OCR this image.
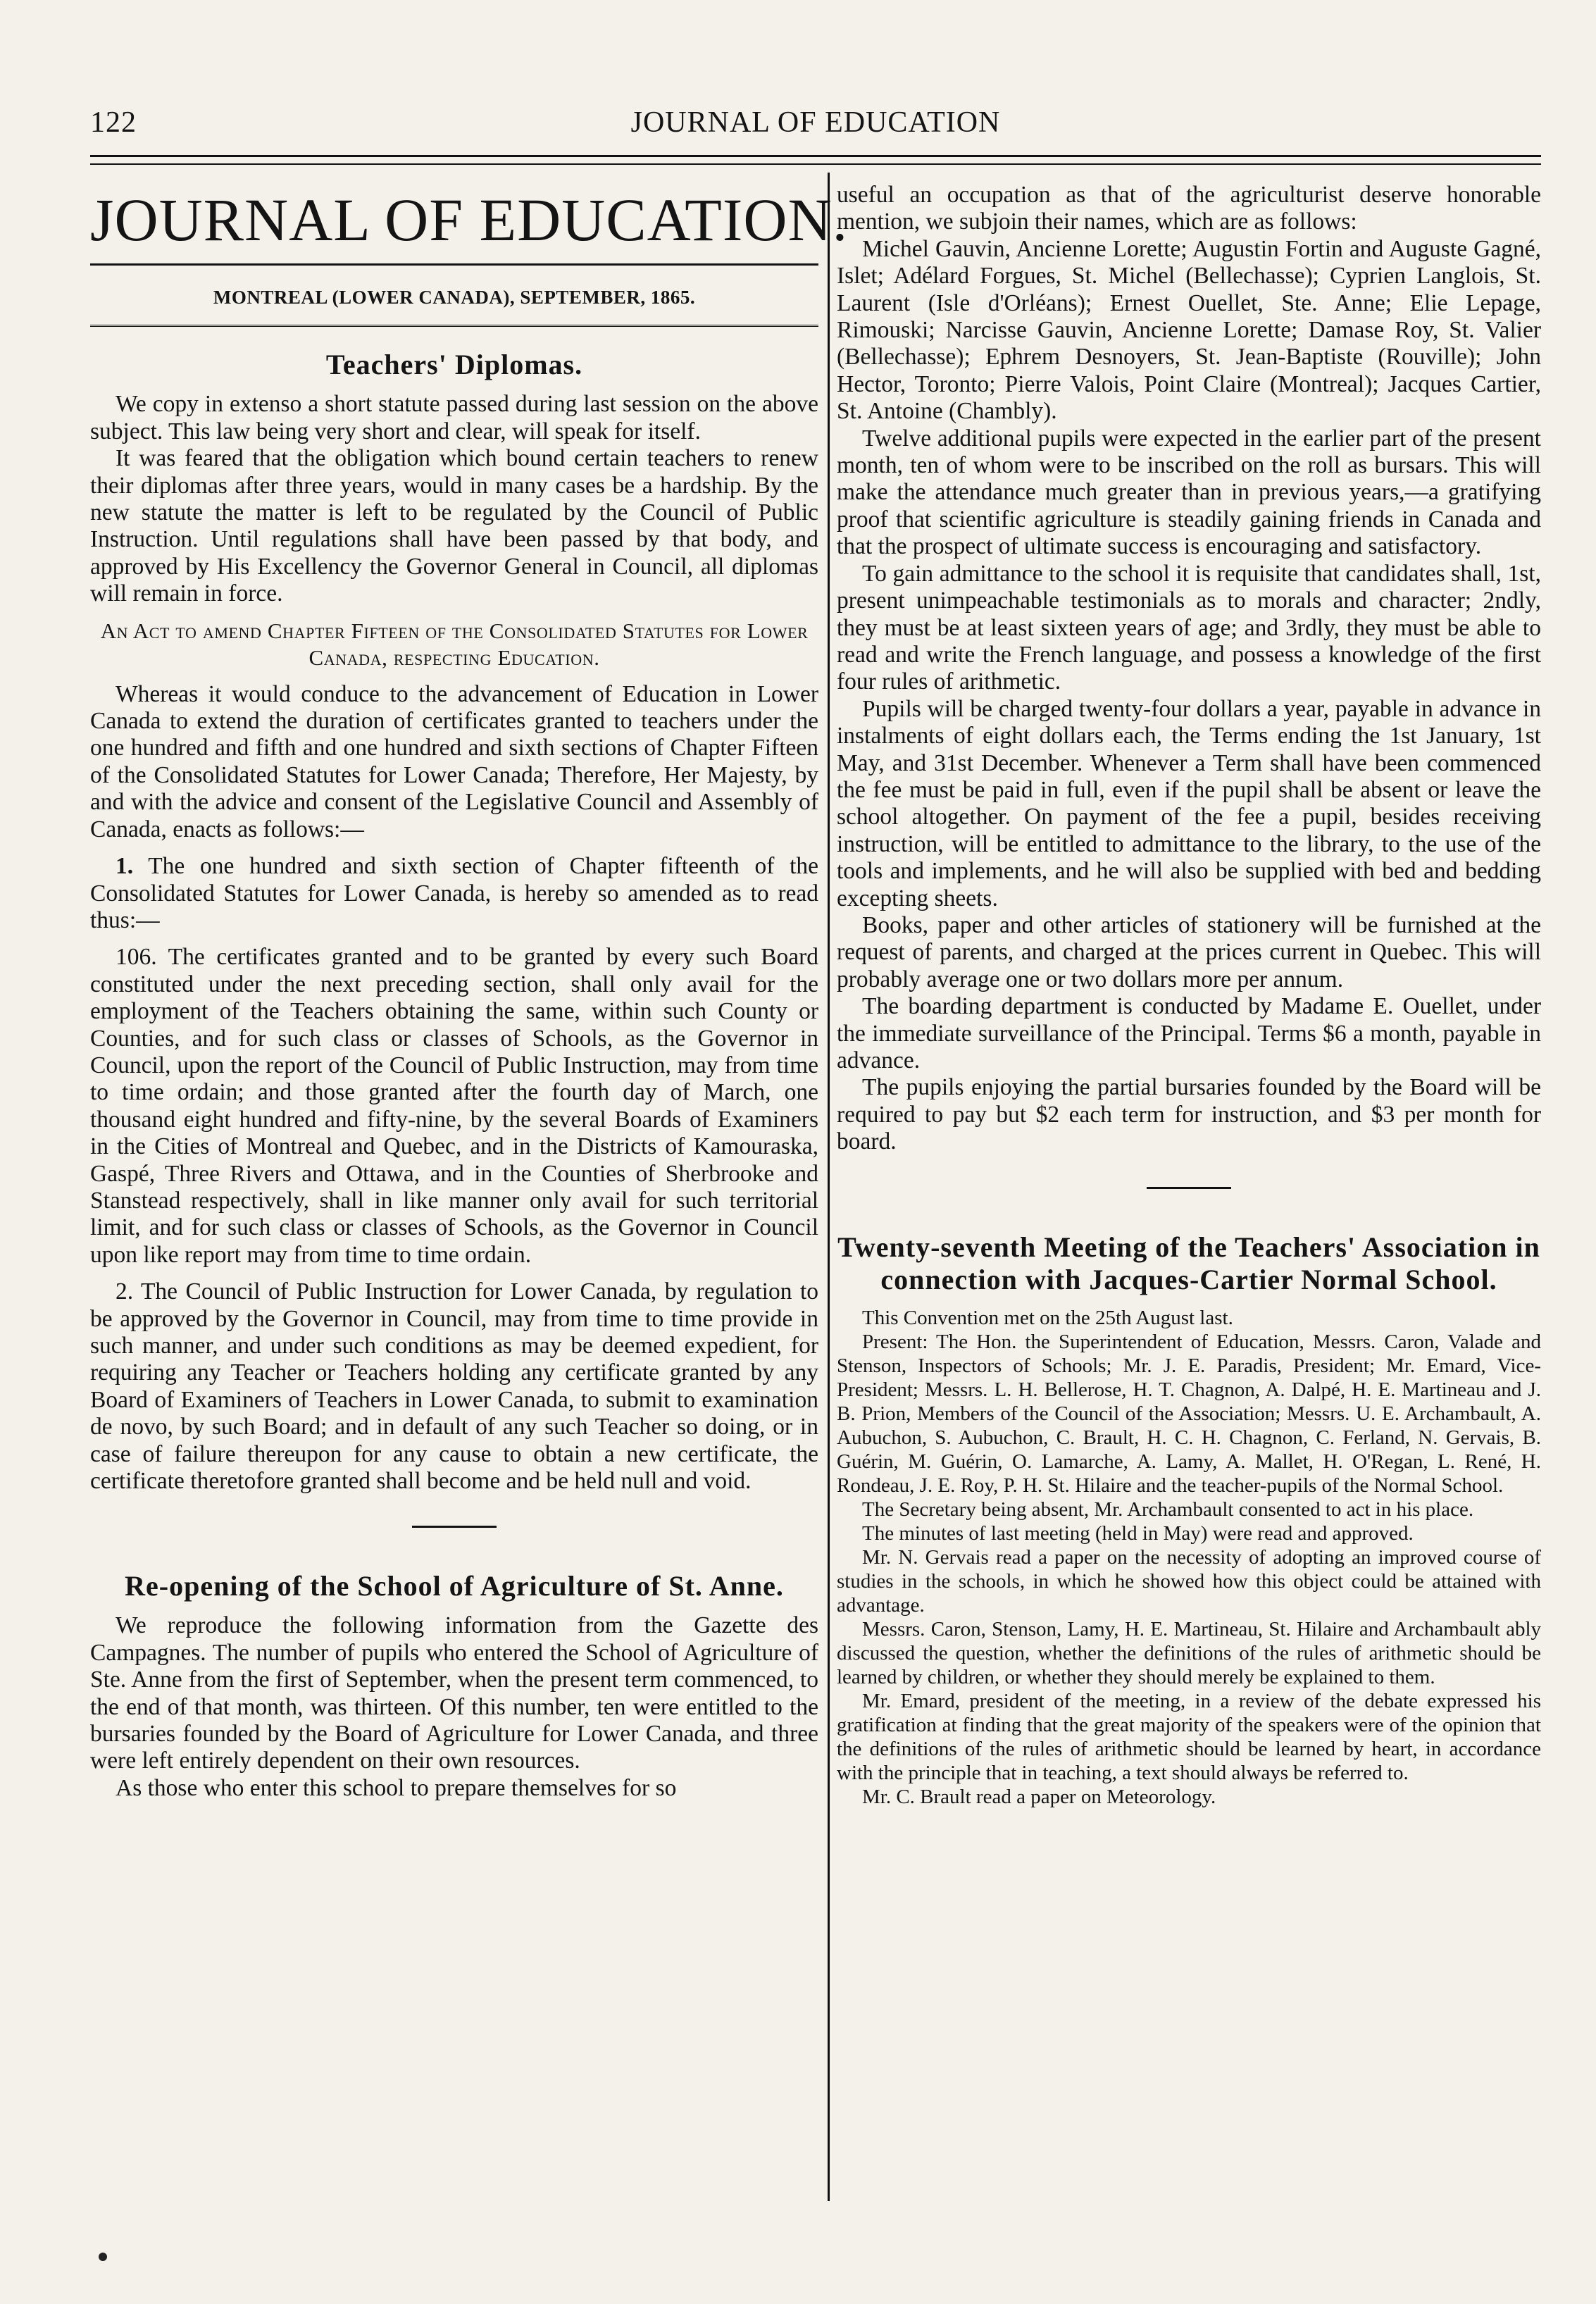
122	JOURNAL OF EDUCATION
JOURNAL OF EDUCATION.
MONTREAL (LOWER CANADA), SEPTEMBER, 1865.
Teachers' Diplomas.

We copy in extenso a short statute passed during last session on the above subject. This law being very short and clear, will speak for itself.

It was feared that the obligation which bound certain teachers to renew their diplomas after three years, would in many cases be a hardship. By the new statute the matter is left to be regulated by the Council of Public Instruction. Until regulations shall have been passed by that body, and approved by His Excellency the Governor General in Council, all diplomas will remain in force.

An Act to amend Chapter Fifteen of the Consolidated Statutes for Lower Canada, respecting Education.

Whereas it would conduce to the advancement of Education in Lower Canada to extend the duration of certificates granted to teachers under the one hundred and fifth and one hundred and sixth sections of Chapter Fifteen of the Consolidated Statutes for Lower Canada; Therefore, Her Majesty, by and with the advice and consent of the Legislative Council and Assembly of Canada, enacts as follows:—

1. The one hundred and sixth section of Chapter fifteenth of the Consolidated Statutes for Lower Canada, is hereby so amended as to read thus:—

106. The certificates granted and to be granted by every such Board constituted under the next preceding section, shall only avail for the employment of the Teachers obtaining the same, within such County or Counties, and for such class or classes of Schools, as the Governor in Council, upon the report of the Council of Public Instruction, may from time to time ordain; and those granted after the fourth day of March, one thousand eight hundred and fifty-nine, by the several Boards of Examiners in the Cities of Montreal and Quebec, and in the Districts of Kamouraska, Gaspé, Three Rivers and Ottawa, and in the Counties of Sherbrooke and Stanstead respectively, shall in like manner only avail for such territorial limit, and for such class or classes of Schools, as the Governor in Council upon like report may from time to time ordain.

2. The Council of Public Instruction for Lower Canada, by regulation to be approved by the Governor in Council, may from time to time provide in such manner, and under such conditions as may be deemed expedient, for requiring any Teacher or Teachers holding any certificate granted by any Board of Examiners of Teachers in Lower Canada, to submit to examination de novo, by such Board; and in default of any such Teacher so doing, or in case of failure thereupon for any cause to obtain a new certificate, the certificate theretofore granted shall become and be held null and void.

Re-opening of the School of Agriculture of St. Anne.

We reproduce the following information from the Gazette des Campagnes. The number of pupils who entered the School of Agriculture of Ste. Anne from the first of September, when the present term commenced, to the end of that month, was thirteen. Of this number, ten were entitled to the bursaries founded by the Board of Agriculture for Lower Canada, and three were left entirely dependent on their own resources.

As those who enter this school to prepare themselves for so

useful an occupation as that of the agriculturist deserve honorable mention, we subjoin their names, which are as follows:

Michel Gauvin, Ancienne Lorette; Augustin Fortin and Auguste Gagné, Islet; Adélard Forgues, St. Michel (Bellechasse); Cyprien Langlois, St. Laurent (Isle d'Orléans); Ernest Ouellet, Ste. Anne; Elie Lepage, Rimouski; Narcisse Gauvin, Ancienne Lorette; Damase Roy, St. Valier (Bellechasse); Ephrem Desnoyers, St. Jean-Baptiste (Rouville); John Hector, Toronto; Pierre Valois, Point Claire (Montreal); Jacques Cartier, St. Antoine (Chambly).

Twelve additional pupils were expected in the earlier part of the present month, ten of whom were to be inscribed on the roll as bursars. This will make the attendance much greater than in previous years,—a gratifying proof that scientific agriculture is steadily gaining friends in Canada and that the prospect of ultimate success is encouraging and satisfactory.

To gain admittance to the school it is requisite that candidates shall, 1st, present unimpeachable testimonials as to morals and character; 2ndly, they must be at least sixteen years of age; and 3rdly, they must be able to read and write the French language, and possess a knowledge of the first four rules of arithmetic.

Pupils will be charged twenty-four dollars a year, payable in advance in instalments of eight dollars each, the Terms ending the 1st January, 1st May, and 31st December. Whenever a Term shall have been commenced the fee must be paid in full, even if the pupil shall be absent or leave the school altogether. On payment of the fee a pupil, besides receiving instruction, will be entitled to admittance to the library, to the use of the tools and implements, and he will also be supplied with bed and bedding excepting sheets.

Books, paper and other articles of stationery will be furnished at the request of parents, and charged at the prices current in Quebec. This will probably average one or two dollars more per annum.

The boarding department is conducted by Madame E. Ouellet, under the immediate surveillance of the Principal. Terms $6 a month, payable in advance.

The pupils enjoying the partial bursaries founded by the Board will be required to pay but $2 each term for instruction, and $3 per month for board.

Twenty-seventh Meeting of the Teachers' Association in connection with Jacques-Cartier Normal School.

This Convention met on the 25th August last.

Present: The Hon. the Superintendent of Education, Messrs. Caron, Valade and Stenson, Inspectors of Schools; Mr. J. E. Paradis, President; Mr. Emard, Vice-President; Messrs. L. H. Bellerose, H. T. Chagnon, A. Dalpé, H. E. Martineau and J. B. Prion, Members of the Council of the Association; Messrs. U. E. Archambault, A. Aubuchon, S. Aubuchon, C. Brault, H. C. H. Chagnon, C. Ferland, N. Gervais, B. Guérin, M. Guérin, O. Lamarche, A. Lamy, A. Mallet, H. O'Regan, L. René, H. Rondeau, J. E. Roy, P. H. St. Hilaire and the teacher-pupils of the Normal School.

The Secretary being absent, Mr. Archambault consented to act in his place.

The minutes of last meeting (held in May) were read and approved.

Mr. N. Gervais read a paper on the necessity of adopting an improved course of studies in the schools, in which he showed how this object could be attained with advantage.

Messrs. Caron, Stenson, Lamy, H. E. Martineau, St. Hilaire and Archambault ably discussed the question, whether the definitions of the rules of arithmetic should be learned by children, or whether they should merely be explained to them.

Mr. Emard, president of the meeting, in a review of the debate expressed his gratification at finding that the great majority of the speakers were of the opinion that the definitions of the rules of arithmetic should be learned by heart, in accordance with the principle that in teaching, a text should always be referred to.

Mr. C. Brault read a paper on Meteorology.
